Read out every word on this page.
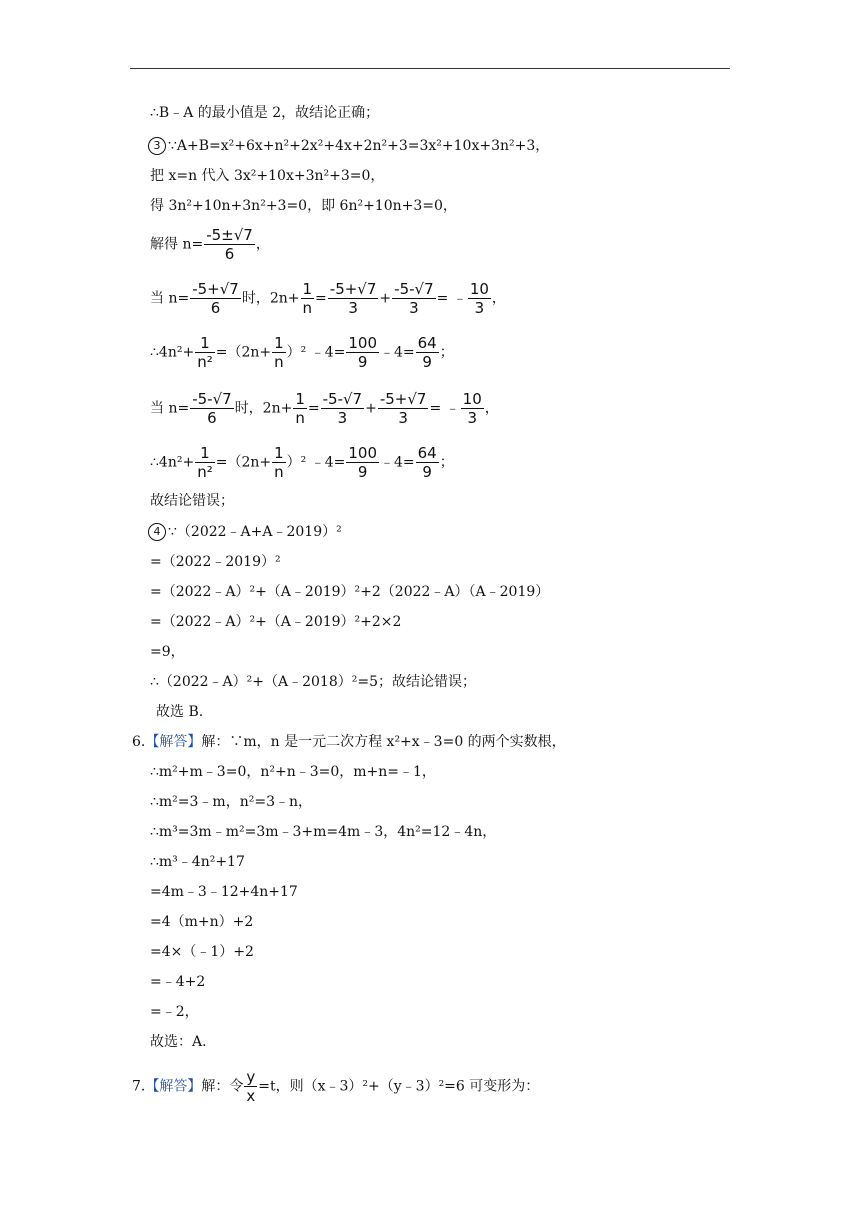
∴B﹣A 的最小值是 2，故结论正确；
3 ∵A+B=x²+6x+n²+2x²+4x+2n²+3=3x²+10x+3n²+3，
把 x=n 代入 3x²+10x+3n²+3=0，
得 3n²+10n+3n²+3=0，即 6n²+10n+3=0，
解得 $n= \frac{-5\pm√7}{6}$ ，
当 $n= \frac{-5+√7}{6}$ 时，$2n+ \frac{1}{n} = \frac{-5+√7}{3} + \frac{-5-√7}{3}$ = ﹣ $\frac{10}{3}$ ，
∴4n²+ $\frac{1}{\text{n²}} =(2n+ \frac{1}{n} )^2$ ﹣4= $\frac{100}{9}$ ﹣4= $\frac{64}{9}$ ；
当 $n= \frac{-5-√7}{6}$ 时，$2n+ \frac{1}{n} = \frac{-5-√7}{3} + \frac{-5+√7}{3}$ = ﹣ $\frac{10}{3}$ ，
∴4n²+ $\frac{1}{\text{n²}} =(2n+ \frac{1}{n} )^2$ ﹣4= $\frac{100}{9}$ ﹣4= $\frac{64}{9}$ ；
故结论错误；
4 ∵（2022﹣A+A﹣2019）²
=（2022﹣2019）²
=（2022﹣A）²+（A﹣2019）²+2（2022﹣A）（A﹣2019）
=（2022﹣A）²+（A﹣2019）²+2×2
=9，
∴（2022﹣A）²+（A﹣2018）²=5；故结论错误；
故选 B.
6.【解答】解：∵m，n 是一元二次方程 x²+x﹣3=0 的两个实数根，
∴m²+m﹣3=0，n²+n﹣3=0，m+n=﹣1，
∴m²=3﹣m，n²=3﹣n，
∴m³=3m﹣m²=3m﹣3+m=4m﹣3，4n²=12﹣4n，
∴m³﹣4n²+17
=4m﹣3﹣12+4n+17
=4（m+n）+2
=4×（﹣1）+2
=﹣4+2
=﹣2，
故选：A.
7.【解答】解：令 $\frac{y}{x} =t$，则（x﹣3）²+（y﹣3）²=6 可变形为：
